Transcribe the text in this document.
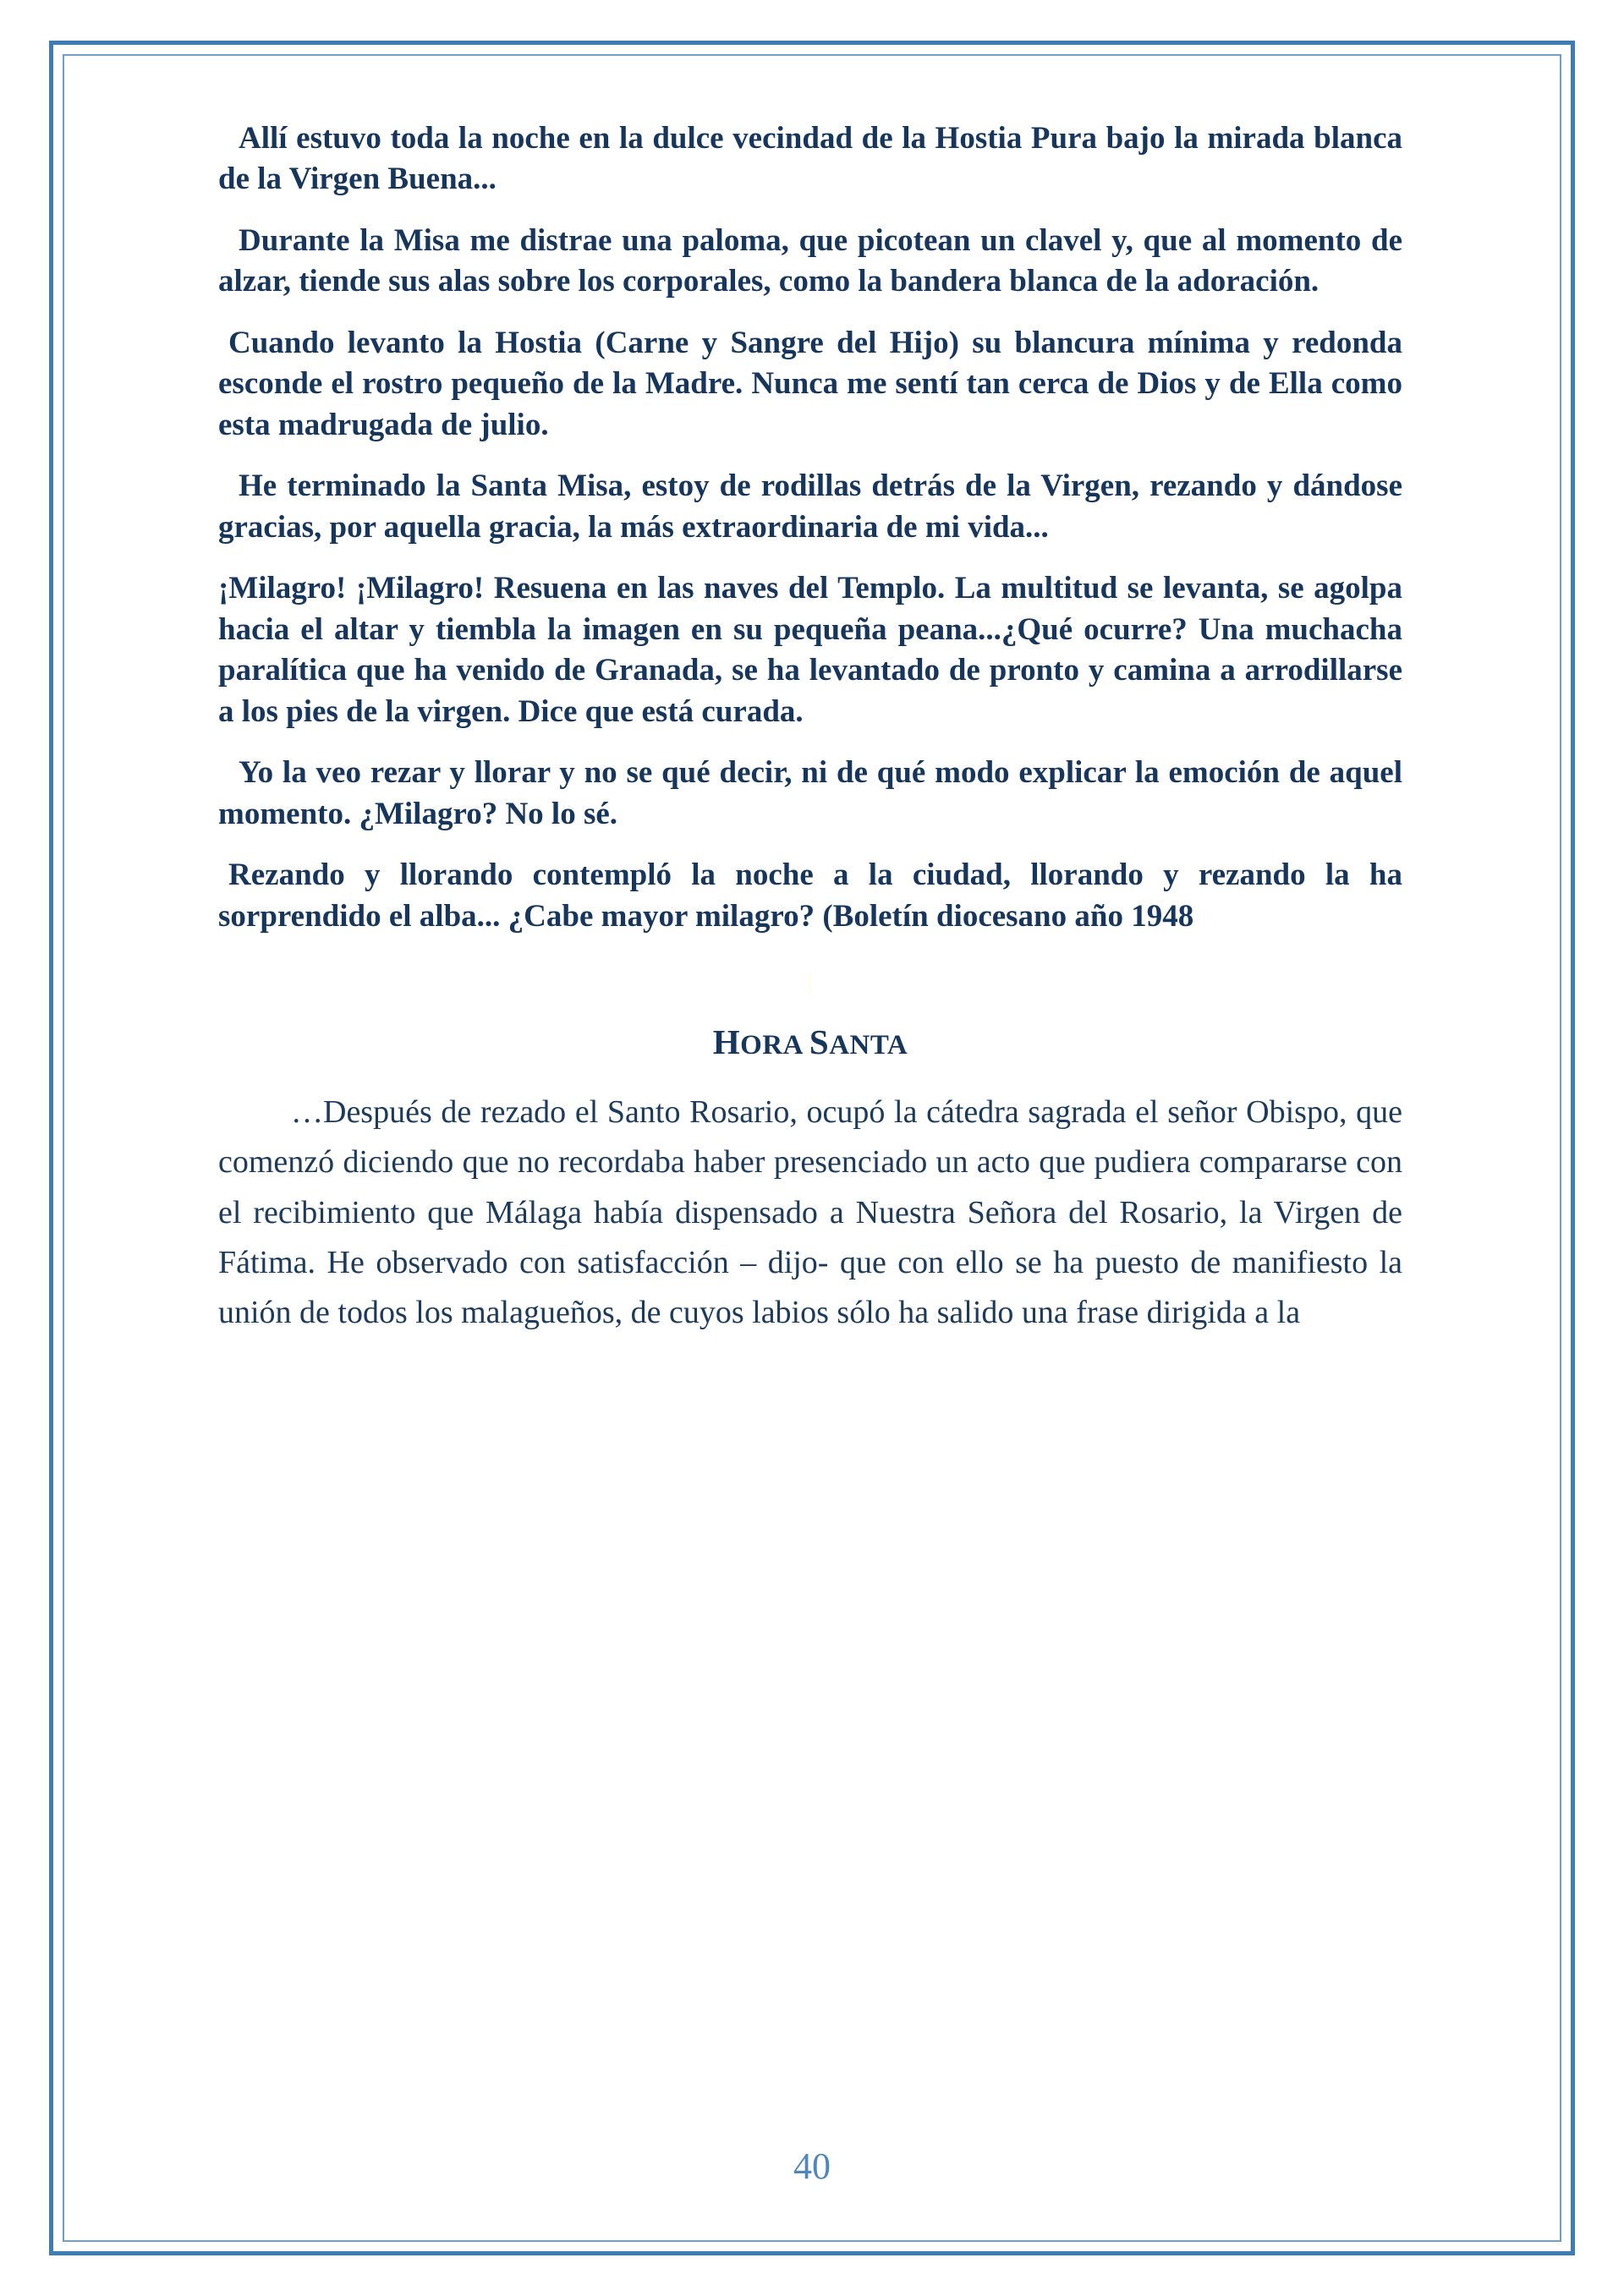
Allí estuvo toda la noche en la dulce vecindad de la Hostia Pura bajo la mirada blanca de la Virgen Buena...

Durante la Misa me distrae una paloma, que picotean un clavel y, que al momento de alzar, tiende sus alas sobre los corporales, como la bandera blanca de la adoración.

Cuando levanto la Hostia (Carne y Sangre del Hijo) su blancura mínima y redonda esconde el rostro pequeño de la Madre. Nunca me sentí tan cerca de Dios y de Ella como esta madrugada de julio.

He terminado la Santa Misa, estoy de rodillas detrás de la Virgen, rezando y dándose gracias, por aquella gracia, la más extraordinaria de mi vida...

¡Milagro! ¡Milagro! Resuena en las naves del Templo. La multitud se levanta, se agolpa hacia el altar y tiembla la imagen en su pequeña peana...¿Qué ocurre? Una muchacha paralítica que ha venido de Granada, se ha levantado de pronto y camina a arrodillarse a los pies de la virgen. Dice que está curada.

Yo la veo rezar y llorar y no se qué decir, ni de qué modo explicar la emoción de aquel momento. ¿Milagro? No lo sé.

Rezando y llorando contempló la noche a la ciudad, llorando y rezando la ha sorprendido el alba... ¿Cabe mayor milagro? (Boletín diocesano año 1948

|
HORA SANTA

…Después de rezado el Santo Rosario, ocupó la cátedra sagrada el señor Obispo, que comenzó diciendo que no recordaba haber presenciado un acto que pudiera compararse con el recibimiento que Málaga había dispensado a Nuestra Señora del Rosario, la Virgen de Fátima. He observado con satisfacción – dijo- que con ello se ha puesto de manifiesto la unión de todos los malagueños, de cuyos labios sólo ha salido una frase dirigida a la

40
